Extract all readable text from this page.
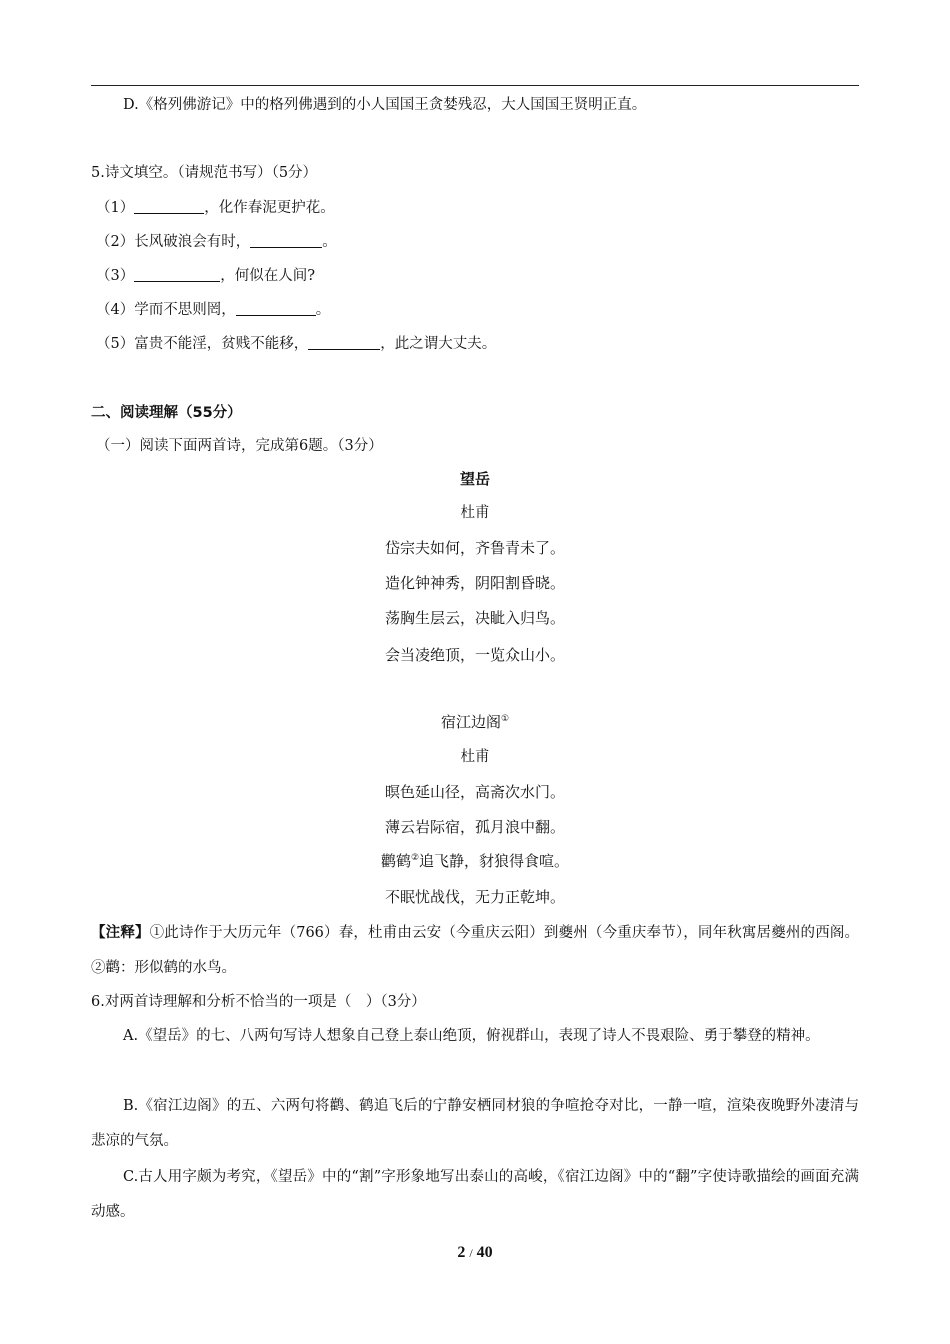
D.《格列佛游记》中的格列佛遇到的小人国国王贪婪残忍，大人国国王贤明正直。
5.诗文填空。（请规范书写）（5分）
（1）	，化作春泥更护花。
（2）长风破浪会有时，	。
（3）	，何似在人间?
（4）学而不思则罔，	。
（5）富贵不能淫，贫贱不能移，	，此之谓大丈夫。
二、阅读理解（55分）
（一）阅读下面两首诗，完成第6题。（3分）
望岳
杜甫
岱宗夫如何，齐鲁青未了。
造化钟神秀，阴阳割昏晓。
荡胸生层云，决眦入归鸟。
会当凌绝顶，一览众山小。
宿江边阁①
杜甫
暝色延山径，高斋次水门。
薄云岩际宿，孤月浪中翻。
鹳鹤②追飞静，豺狼得食喧。
不眠忧战伐，无力正乾坤。
【注释】①此诗作于大历元年（766）春，杜甫由云安（今重庆云阳）到夔州（今重庆奉节），同年秋寓居夔州的西阁。②鹳：形似鹤的水鸟。
6.对两首诗理解和分析不恰当的一项是（　）（3分）
A.《望岳》的七、八两句写诗人想象自己登上泰山绝顶，俯视群山，表现了诗人不畏艰险、勇于攀登的精神。
B.《宿江边阁》的五、六两句将鹳、鹤追飞后的宁静安栖同材狼的争喧抢夺对比，一静一喧，渲染夜晚野外凄清与悲凉的气氛。
C.古人用字颇为考究，《望岳》中的“割”字形象地写出泰山的高峻，《宿江边阁》中的“翻”字使诗歌描绘的画面充满动感。
2 / 40
